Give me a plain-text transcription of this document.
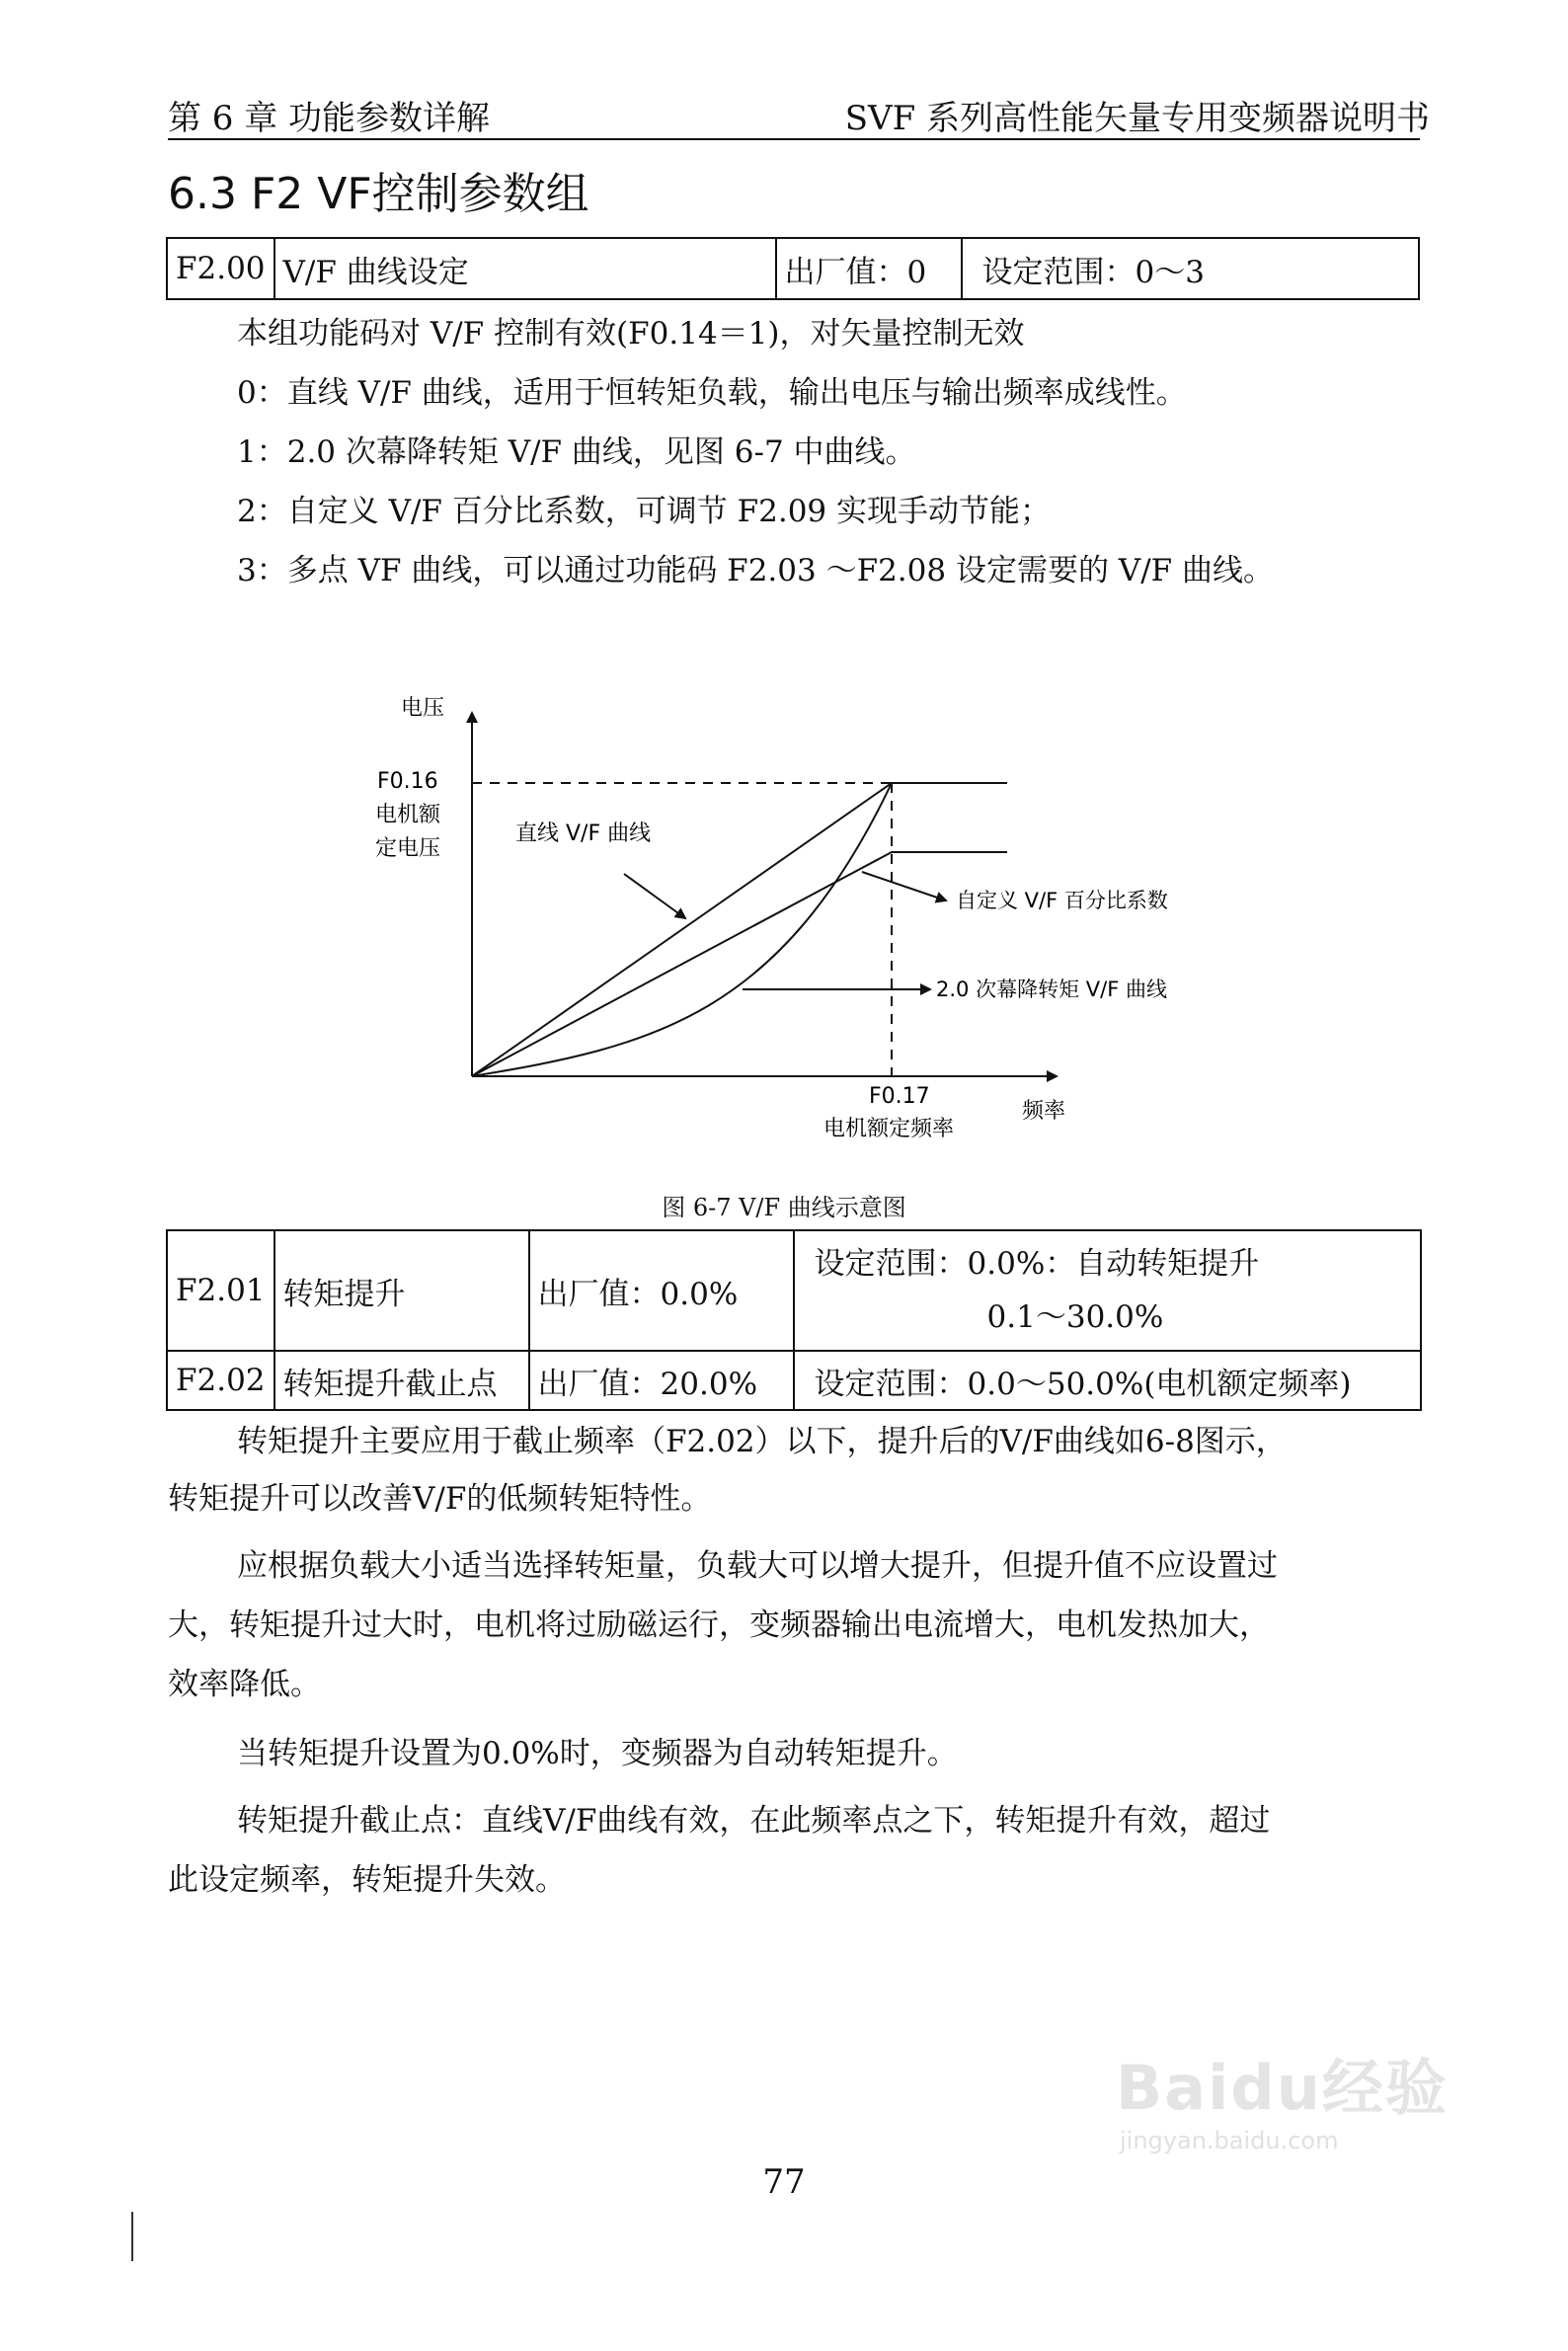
第 6 章 功能参数详解	SVF 系列高性能矢量专用变频器说明书
6.3 F2 VF控制参数组
F2.00	V/F 曲线设定	出厂值：0	设定范围：0～3
本组功能码对 V/F 控制有效(F0.14＝1)，对矢量控制无效
0：直线 V/F 曲线，适用于恒转矩负载，输出电压与输出频率成线性。
1：2.0 次幕降转矩 V/F 曲线，见图 6-7 中曲线。
2：自定义 V/F 百分比系数，可调节 F2.09 实现手动节能；
3：多点 VF 曲线，可以通过功能码 F2.03 ～F2.08 设定需要的 V/F 曲线。
电压
F0.16
电机额
定电压
直线 V/F 曲线
自定义 V/F 百分比系数
2.0 次幕降转矩 V/F 曲线
F0.17
电机额定频率
频率
图 6-7 V/F 曲线示意图
F2.01	转矩提升	出厂值：0.0%	设定范围：0.0%：自动转矩提升
0.1～30.0%

F2.02	转矩提升截止点	出厂值：20.0%	设定范围：0.0～50.0%(电机额定频率)
转矩提升主要应用于截止频率（F2.02）以下，提升后的V/F曲线如6-8图示，
转矩提升可以改善V/F的低频转矩特性。
应根据负载大小适当选择转矩量，负载大可以增大提升，但提升值不应设置过
大，转矩提升过大时，电机将过励磁运行，变频器输出电流增大，电机发热加大，
效率降低。
当转矩提升设置为0.0%时，变频器为自动转矩提升。
转矩提升截止点：直线V/F曲线有效，在此频率点之下，转矩提升有效，超过
此设定频率，转矩提升失效。
Baidu经验
jingyan.baidu.com
77
